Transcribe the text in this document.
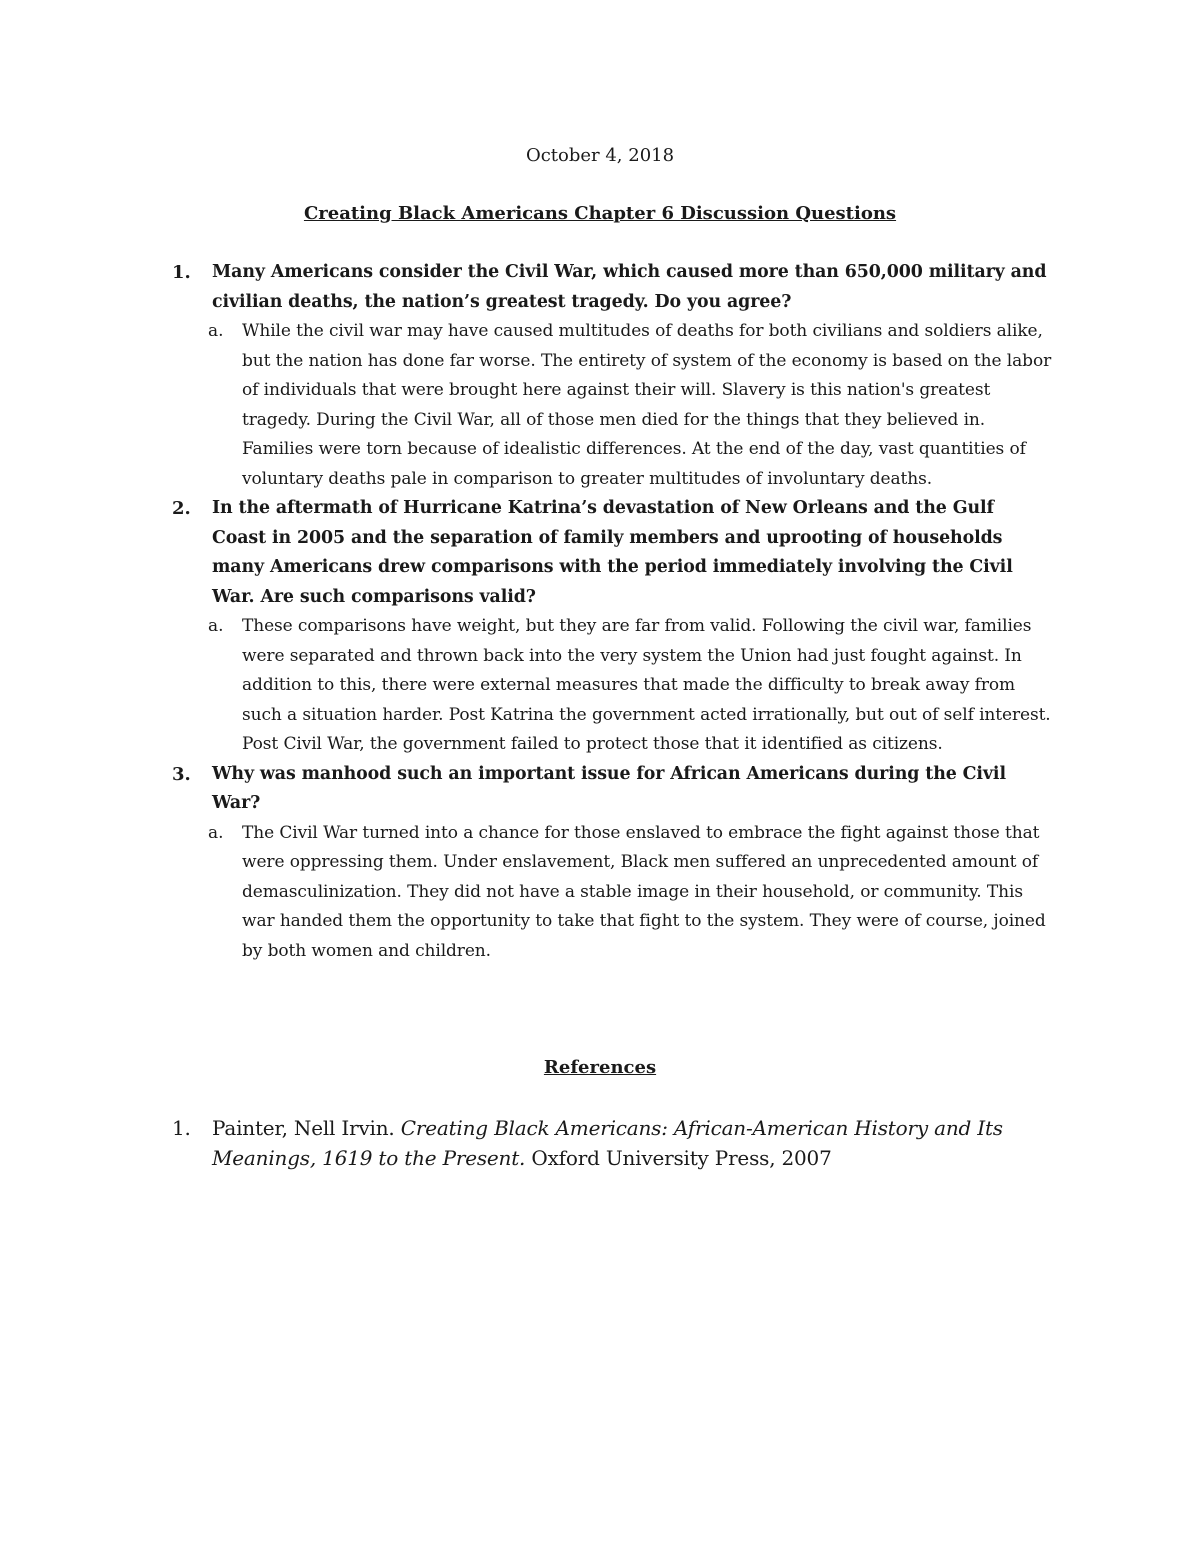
October 4, 2018
Creating Black Americans Chapter 6 Discussion Questions
1. Many Americans consider the Civil War, which caused more than 650,000 military and civilian deaths, the nation’s greatest tragedy. Do you agree?
a. While the civil war may have caused multitudes of deaths for both civilians and soldiers alike, but the nation has done far worse. The entirety of system of the economy is based on the labor of individuals that were brought here against their will. Slavery is this nation's greatest tragedy. During the Civil War, all of those men died for the things that they believed in. Families were torn because of idealistic differences. At the end of the day, vast quantities of voluntary deaths pale in comparison to greater multitudes of involuntary deaths.
2. In the aftermath of Hurricane Katrina’s devastation of New Orleans and the Gulf Coast in 2005 and the separation of family members and uprooting of households many Americans drew comparisons with the period immediately involving the Civil War. Are such comparisons valid?
a. These comparisons have weight, but they are far from valid. Following the civil war, families were separated and thrown back into the very system the Union had just fought against. In addition to this, there were external measures that made the difficulty to break away from such a situation harder. Post Katrina the government acted irrationally, but out of self interest. Post Civil War, the government failed to protect those that it identified as citizens.
3. Why was manhood such an important issue for African Americans during the Civil War?
a. The Civil War turned into a chance for those enslaved to embrace the fight against those that were oppressing them. Under enslavement, Black men suffered an unprecedented amount of demasculinization. They did not have a stable image in their household, or community. This war handed them the opportunity to take that fight to the system. They were of course, joined by both women and children.
References
1. Painter, Nell Irvin. Creating Black Americans: African-American History and Its Meanings, 1619 to the Present. Oxford University Press, 2007
